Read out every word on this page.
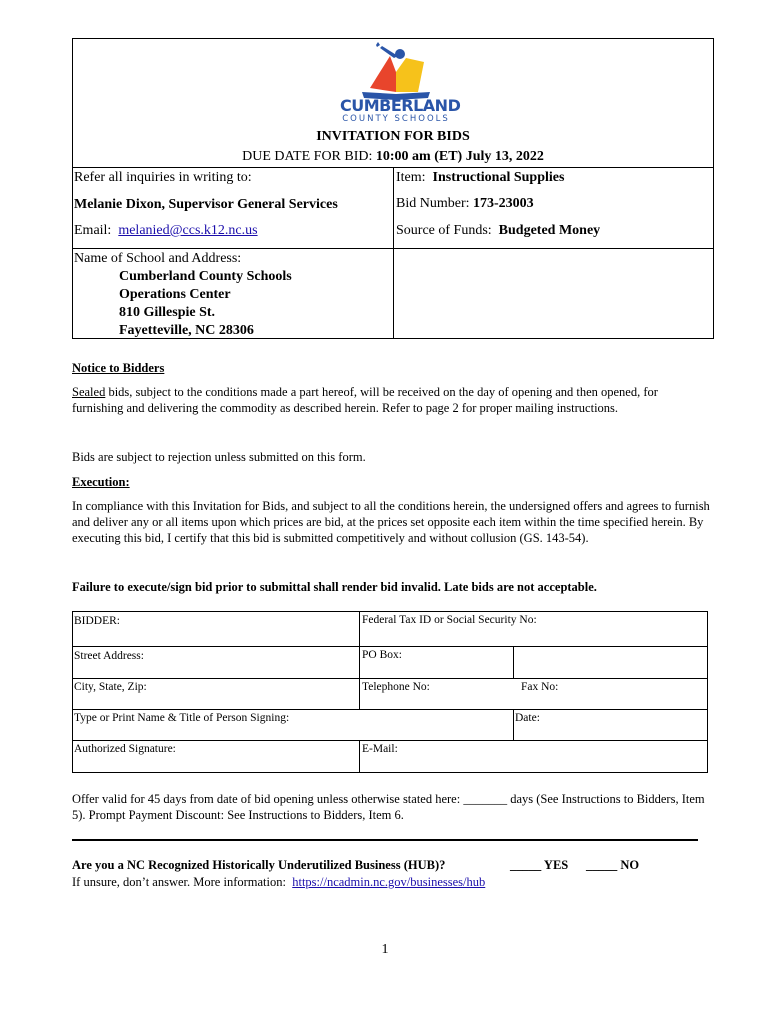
CUMBERLAND
COUNTY SCHOOLS
INVITATION FOR BIDS
DUE DATE FOR BID: 10:00 am (ET) July 13, 2022
Refer all inquiries in writing to:
Melanie Dixon, Supervisor General Services
Email: melanied@ccs.k12.nc.us
Item: Instructional Supplies
Bid Number: 173-23003
Source of Funds: Budgeted Money
Name of School and Address:
Cumberland County Schools
Operations Center
810 Gillespie St.
Fayetteville, NC 28306
Notice to Bidders
Sealed bids, subject to the conditions made a part hereof, will be received on the day of opening and then opened, for furnishing and delivering the commodity as described herein. Refer to page 2 for proper mailing instructions.
Bids are subject to rejection unless submitted on this form.
Execution:
In compliance with this Invitation for Bids, and subject to all the conditions herein, the undersigned offers and agrees to furnish and deliver any or all items upon which prices are bid, at the prices set opposite each item within the time specified herein. By executing this bid, I certify that this bid is submitted competitively and without collusion (GS. 143-54).
Failure to execute/sign bid prior to submittal shall render bid invalid. Late bids are not acceptable.
BIDDER:	Federal Tax ID or Social Security No:
Street Address:	PO Box:
City, State, Zip:	Telephone No:	Fax No:
Type or Print Name & Title of Person Signing:	Date:
Authorized Signature:	E-Mail:
Offer valid for 45 days from date of bid opening unless otherwise stated here: _______ days (See Instructions to Bidders, Item 5). Prompt Payment Discount: See Instructions to Bidders, Item 6.
Are you a NC Recognized Historically Underutilized Business (HUB)?	_____ YES _____ NO
If unsure, don’t answer. More information: https://ncadmin.nc.gov/businesses/hub
1
